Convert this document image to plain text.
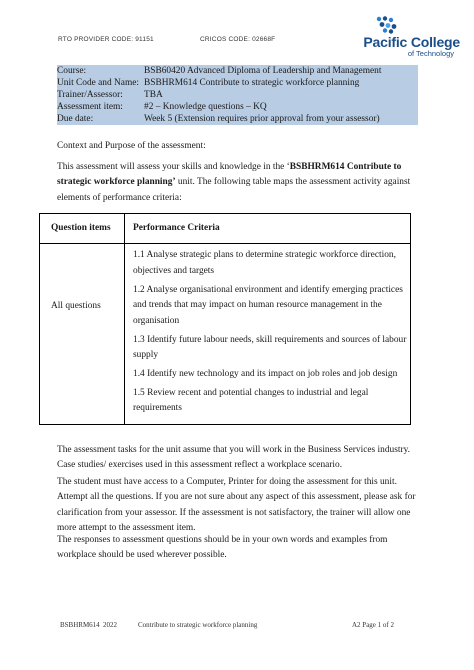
RTO PROVIDER CODE: 91151	CRICOS CODE: 02668F	Pacific College
of Technology
Course:	BSB60420 Advanced Diploma of Leadership and Management
Unit Code and Name: BSBHRM614 Contribute to strategic workforce planning
Trainer/Assessor:	TBA
Assessment item:	#2 – Knowledge questions – KQ
Due date:	Week 5 (Extension requires prior approval from your assessor)
Context and Purpose of the assessment:
This assessment will assess your skills and knowledge in the ‘BSBHRM614 Contribute to strategic workforce planning’ unit. The following table maps the assessment activity against elements of performance criteria:
Question items Performance Criteria
All questions
1.1 Analyse strategic plans to determine strategic workforce direction, objectives and targets
1.2 Analyse organisational environment and identify emerging practices and trends that may impact on human resource management in the organisation
1.3 Identify future labour needs, skill requirements and sources of labour supply
1.4 Identify new technology and its impact on job roles and job design
1.5 Review recent and potential changes to industrial and legal requirements
The assessment tasks for the unit assume that you will work in the Business Services industry. Case studies/ exercises used in this assessment reflect a workplace scenario.
The student must have access to a Computer, Printer for doing the assessment for this unit. Attempt all the questions. If you are not sure about any aspect of this assessment, please ask for clarification from your assessor. If the assessment is not satisfactory, the trainer will allow one more attempt to the assessment item.
The responses to assessment questions should be in your own words and examples from workplace should be used wherever possible.
BSBHRM614 2022	Contribute to strategic workforce planning	A2 Page 1 of 2
